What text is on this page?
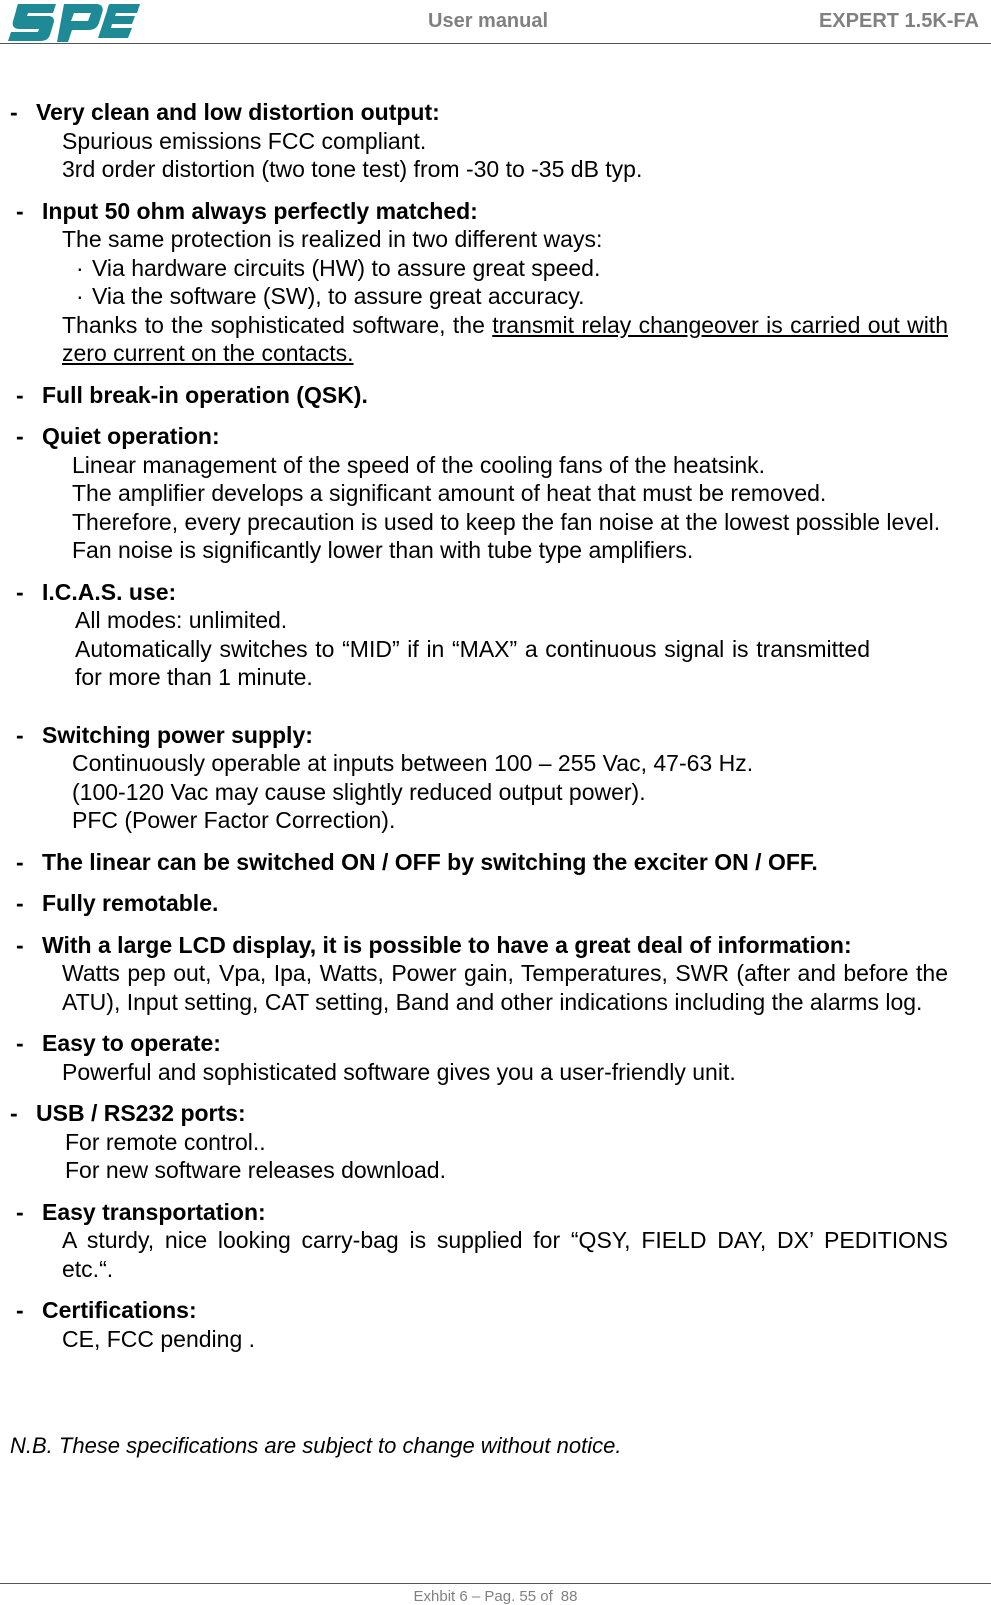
User manual	EXPERT 1.5K-FA
- Very clean and low distortion output:
Spurious emissions FCC compliant.
3rd order distortion (two tone test) from -30 to -35 dB typ.
- Input 50 ohm always perfectly matched:
The same protection is realized in two different ways:
· Via hardware circuits (HW) to assure great speed.
· Via the software (SW), to assure great accuracy.
Thanks to the sophisticated software, the transmit relay changeover is carried out with zero current on the contacts.
- Full break-in operation (QSK).
- Quiet operation:
Linear management of the speed of the cooling fans of the heatsink.
The amplifier develops a significant amount of heat that must be removed.
Therefore, every precaution is used to keep the fan noise at the lowest possible level. Fan noise is significantly lower than with tube type amplifiers.
- I.C.A.S. use:
All modes: unlimited.
Automatically switches to “MID” if in “MAX” a continuous signal is transmitted for more than 1 minute.
- Switching power supply:
Continuously operable at inputs between 100 – 255 Vac, 47-63 Hz.
(100-120 Vac may cause slightly reduced output power).
PFC (Power Factor Correction).
- The linear can be switched ON / OFF by switching the exciter ON / OFF.
- Fully remotable.
- With a large LCD display, it is possible to have a great deal of information:
Watts pep out, Vpa, Ipa, Watts, Power gain, Temperatures, SWR (after and before the ATU), Input setting, CAT setting, Band and other indications including the alarms log.
- Easy to operate:
Powerful and sophisticated software gives you a user-friendly unit.
- USB / RS232 ports:
For remote control..
For new software releases download.
- Easy transportation:
A sturdy, nice looking carry-bag is supplied for “QSY, FIELD DAY, DX’ PEDITIONS etc.“.
- Certifications:
CE, FCC pending .
N.B. These specifications are subject to change without notice.
Exhbit 6 – Pag. 55 of 88
